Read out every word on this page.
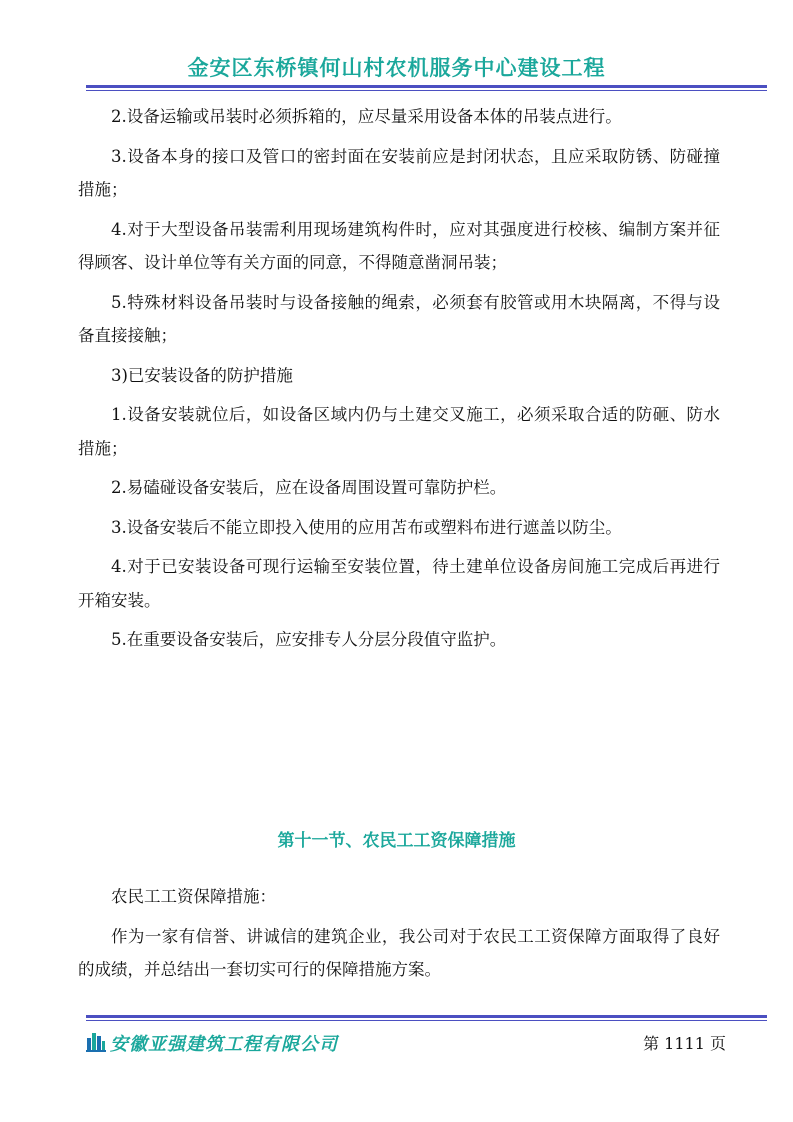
金安区东桥镇何山村农机服务中心建设工程

2.设备运输或吊装时必须拆箱的，应尽量采用设备本体的吊装点进行。

3.设备本身的接口及管口的密封面在安装前应是封闭状态，且应采取防锈、防碰撞措施；

4.对于大型设备吊装需利用现场建筑构件时，应对其强度进行校核、编制方案并征得顾客、设计单位等有关方面的同意，不得随意凿洞吊装；

5.特殊材料设备吊装时与设备接触的绳索，必须套有胶管或用木块隔离，不得与设备直接接触；

3)已安装设备的防护措施

1.设备安装就位后，如设备区域内仍与土建交叉施工，必须采取合适的防砸、防水措施；

2.易磕碰设备安装后，应在设备周围设置可靠防护栏。

3.设备安装后不能立即投入使用的应用苫布或塑料布进行遮盖以防尘。

4.对于已安装设备可现行运输至安装位置，待土建单位设备房间施工完成后再进行开箱安装。

5.在重要设备安装后，应安排专人分层分段值守监护。

第十一节、农民工工资保障措施

农民工工资保障措施：

作为一家有信誉、讲诚信的建筑企业，我公司对于农民工工资保障方面取得了良好的成绩，并总结出一套切实可行的保障措施方案。

安徽亚强建筑工程有限公司	第 1111 页
